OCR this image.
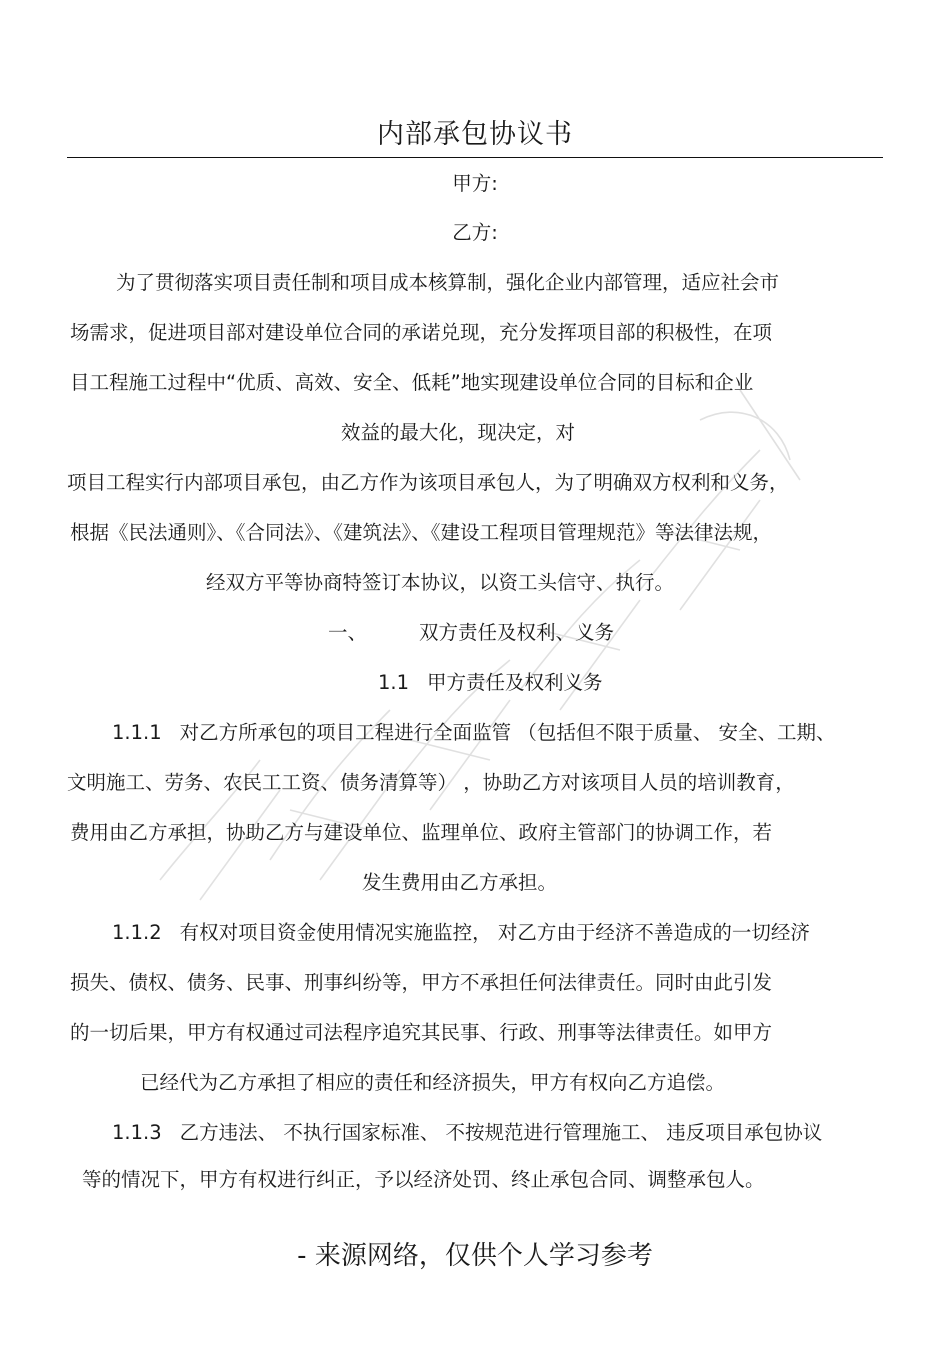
内部承包协议书
甲方:
乙方:
为了贯彻落实项目责任制和项目成本核算制，强化企业内部管理，适应社会市
场需求，促进项目部对建设单位合同的承诺兑现，充分发挥项目部的积极性，在项
目工程施工过程中“优质、高效、安全、低耗”地实现建设单位合同的目标和企业
效益的最大化，现决定，对
项目工程实行内部项目承包，由乙方作为该项目承包人，为了明确双方权利和义务，
根据《民法通则》、《合同法》、《建筑法》、《建设工程项目管理规范》等法律法规，
经双方平等协商特签订本协议，以资工头信守、执行。
一、	双方责任及权利、义务
1.1 甲方责任及权利义务
1.1.1 对乙方所承包的项目工程进行全面监管 （包括但不限于质量、 安全、工期、
文明施工、劳务、农民工工资、债务清算等） ，协助乙方对该项目人员的培训教育，
费用由乙方承担，协助乙方与建设单位、监理单位、政府主管部门的协调工作，若
发生费用由乙方承担。
1.1.2 有权对项目资金使用情况实施监控， 对乙方由于经济不善造成的一切经济
损失、债权、债务、民事、刑事纠纷等，甲方不承担任何法律责任。同时由此引发
的一切后果，甲方有权通过司法程序追究其民事、行政、刑事等法律责任。如甲方
已经代为乙方承担了相应的责任和经济损失，甲方有权向乙方追偿。
1.1.3 乙方违法、 不执行国家标准、 不按规范进行管理施工、 违反项目承包协议
等的情况下，甲方有权进行纠正，予以经济处罚、终止承包合同、调整承包人。
- 来源网络，仅供个人学习参考
